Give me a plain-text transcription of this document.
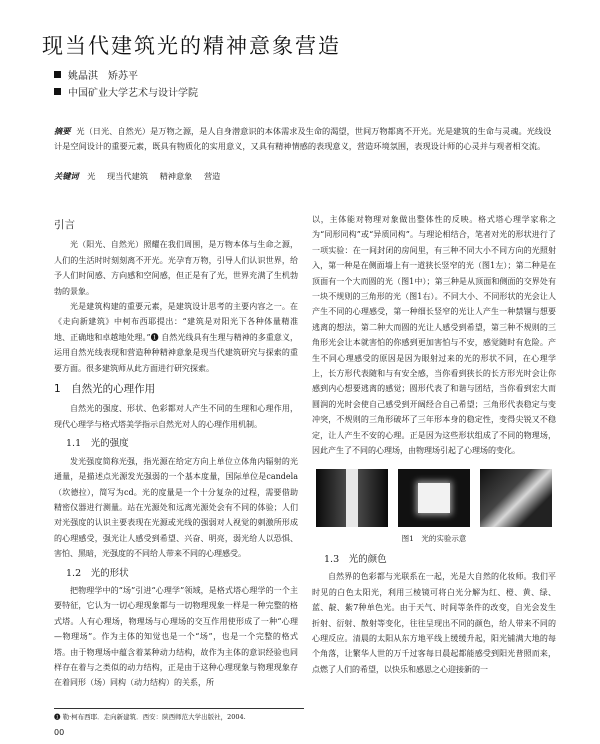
现当代建筑光的精神意象营造
姚晶淇　矫苏平
中国矿业大学艺术与设计学院
摘要 光（日光、自然光）是万物之源，是人自身潜意识的本体需求及生命的渴望，世间万物都离不开光。光是建筑的生命与灵魂。光线设计是空间设计的重要元素，既具有物质化的实用意义，又具有精神情感的表现意义，营造环境氛围，表现设计师的心灵并与观者相交流。
关键词 光 现当代建筑 精神意象 营造
引言

光（阳光、自然光）照耀在我们周围，是万物本体与生命之源，人们的生活时时刻刻离不开光。光孕育万物，引导人们认识世界，给予人们时间感、方向感和空间感，但正是有了光，世界充满了生机勃勃的景象。

光是建筑构建的重要元素，是建筑设计思考的主要内容之一。在《走向新建筑》中柯布西耶提出：“建筑是对阳光下各种体量精准地、正确地和卓越地处理。”❶ 自然光线具有生理与精神的多重意义，运用自然光线表现和营造种种精神意象是现当代建筑研究与探索的重要方面。很多建筑师从此方面进行研究探索。

1　自然光的心理作用

自然光的强度、形状、色彩都对人产生不同的生理和心理作用，现代心理学与格式塔美学指示自然光对人的心理作用机制。

1.1　光的强度

发光强度简称光强，指光源在给定方向上单位立体角内辐射的光通量，是描述点光源发光强弱的一个基本度量，国际单位是candela（坎德拉），简写为cd。光的度量是一个十分复杂的过程，需要借助精密仪器进行测量。站在光源处和远离光源处会有不同的体验；人们对光强度的认识主要表现在光源或光线的强弱对人视觉的刺激所形成的心理感受，强光让人感受到希望、兴奋、明亮，弱光给人以恐惧、害怕、黑暗，光强度的不同给人带来不同的心理感受。

1.2　光的形状

把物理学中的“场”引进“心理学”领域，是格式塔心理学的一个主要特征，它认为一切心理现象都与一切物理现象一样是一种完整的格式塔。人有心理场，物理场与心理场的交互作用使形成了一种“心理—物理场”。作为主体的知觉也是一个“场”，也是一个完整的格式塔。由于物理场中蕴含着某种动力结构，故作为主体的意识经验也同样存在着与之类似的动力结构，正是由于这种心理现象与物理现象存在着同形（场）同构（动力结构）的关系，所

以，主体能对物理对象做出整体性的反映。格式塔心理学家称之为“同形同构”或“异质同构”。与理论相结合，笔者对光的形状进行了一项实验：在一间封闭的房间里，有三种不同大小不同方向的光照射入，第一种是在侧面墙上有一道狭长竖窄的光（图1左）；第二种是在顶面有一个大而圆的光（图1中）；第三种是从顶面和侧面的交界处有一块不规则的三角形的光（图1右）。不同大小、不同形状的光会让人产生不同的心理感受，第一种细长竖窄的光让人产生一种禁锢与想要逃离的想法，第二种大而圆的光让人感受到希望，第三种不规则的三角形光会让本就害怕的你感到更加害怕与不安，感觉随时有危险。产生不同心理感受的原因是因为眼射过来的光的形状不同，在心理学上，长方形代表随和与有安全感，当你看到狭长的长方形光时会让你感到内心想要逃离的感觉；圆形代表了和谐与团结，当你看到宏大而圆润的光时会使自己感受到开阔经合自己希望；三角形代表稳定与变冲突，不规则的三角形破坏了三年形本身的稳定性，变得尖锐又不稳定，让人产生不安的心理。正是因为这些形状组成了不同的物理场，因此产生了不同的心理场，由物理场引起了心理场的变化。

图1　光的实验示意
1.3　光的颜色

自然界的色彩都与光联系在一起，光是大自然的化妆师。我们平时见的白色太阳光，利用三棱镜可将白光分解为红、橙、黄、绿、蓝、靛、紫7种单色光。由于天气、时间等条件的改变，自光会发生折射、衍射、散射等变化，往往呈现出不同的颜色，给人带来不同的心理反应。清晨的太阳从东方地平线上缓缓升起，阳光铺满大地的每个角落，让繁华人世的万千过客每日晨起都能感受到阳光普照而来，点燃了人们的希望，以快乐和感恩之心迎接新的一

❶ 勒·柯布西耶．走向新建筑．西安：陕西师范大学出版社，2004.
00
